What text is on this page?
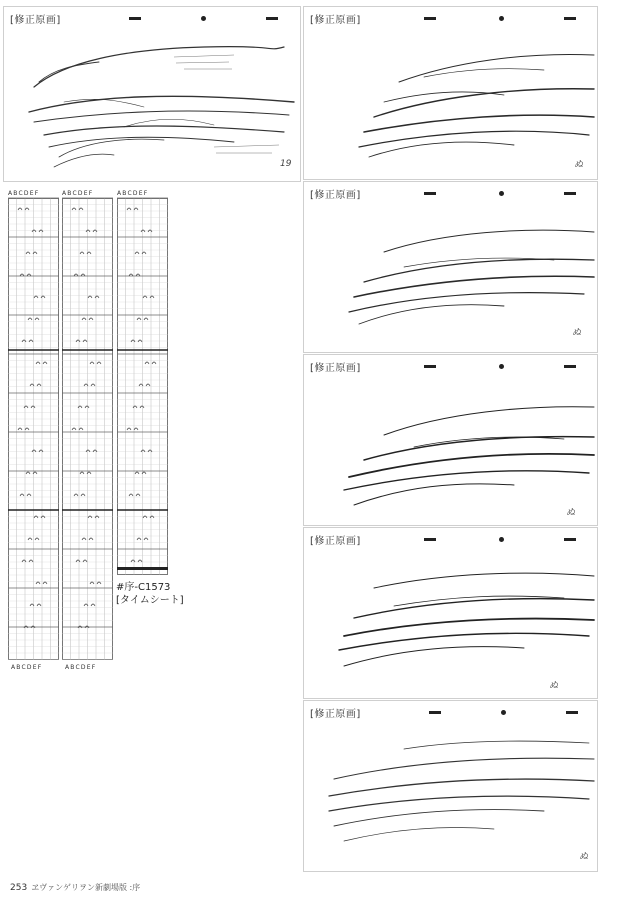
[修正原画]
19
[修正原画]
ぬ
[修正原画]
ぬ
[修正原画]
ぬ
[修正原画]
ぬ
[修正原画]
ぬ
ABCDEF
ABCDEF
ABCDEF
ABCDEF
ABCDEF
#序-C1573
[タイムシート]
253 ヱヴァンゲリヲン新劇場版 :序
